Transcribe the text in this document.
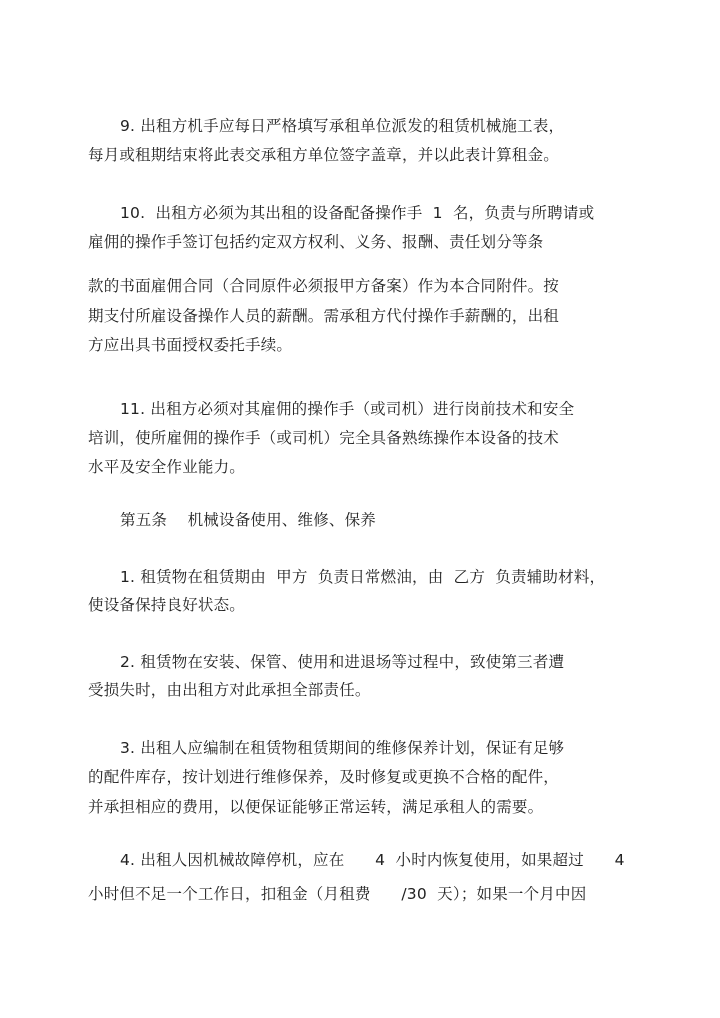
9. 出租方机手应每日严格填写承租单位派发的租赁机械施工表，
每月或租期结束将此表交承租方单位签字盖章，并以此表计算租金。
10.  出租方必须为其出租的设备配备操作手  1  名，负责与所聘请或
雇佣的操作手签订包括约定双方权利、义务、报酬、责任划分等条
款的书面雇佣合同（合同原件必须报甲方备案）作为本合同附件。按
期支付所雇设备操作人员的薪酬。需承租方代付操作手薪酬的，出租
方应出具书面授权委托手续。
11. 出租方必须对其雇佣的操作手（或司机）进行岗前技术和安全
培训，使所雇佣的操作手（或司机）完全具备熟练操作本设备的技术
水平及安全作业能力。
第五条    机械设备使用、维修、保养
1. 租赁物在租赁期由  甲方  负责日常燃油，由  乙方  负责辅助材料，
使设备保持良好状态。
2. 租赁物在安装、保管、使用和进退场等过程中，致使第三者遭
受损失时，由出租方对此承担全部责任。
3. 出租人应编制在租赁物租赁期间的维修保养计划，保证有足够
的配件库存，按计划进行维修保养，及时修复或更换不合格的配件，
并承担相应的费用，以便保证能够正常运转，满足承租人的需要。
4. 出租人因机械故障停机，应在      4  小时内恢复使用，如果超过      4
小时但不足一个工作日，扣租金（月租费      /30  天）；如果一个月中因
